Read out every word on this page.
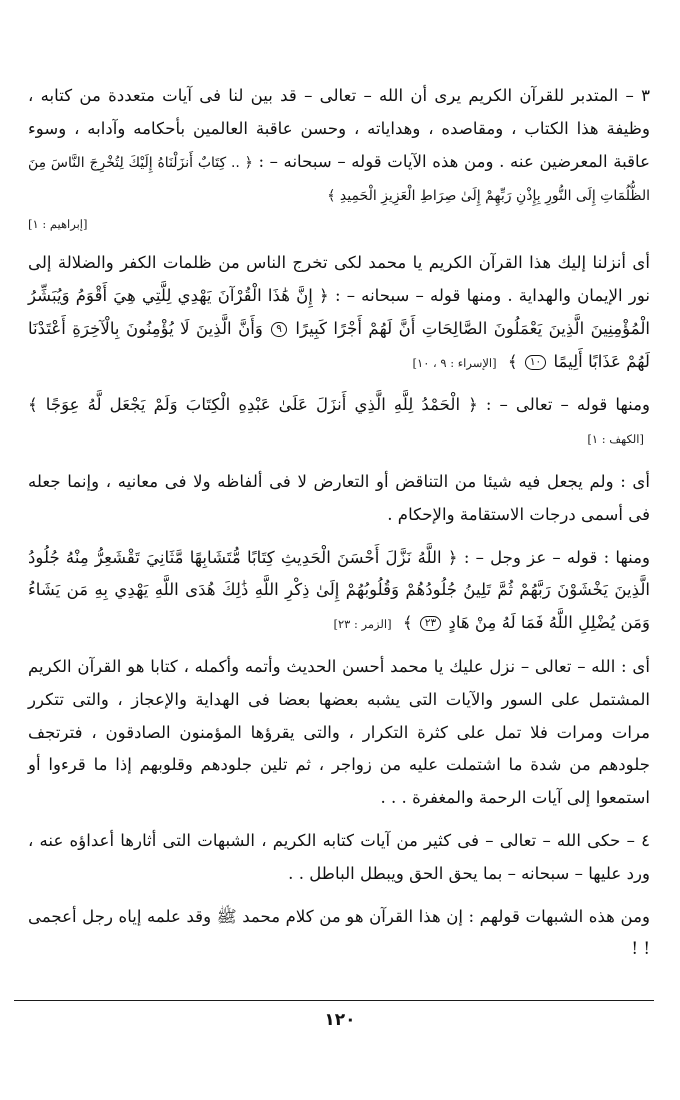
٣ – المتدبر للقرآن الكريم يرى أن الله – تعالى – قد بين لنا فى آيات متعددة من كتابه ، وظيفة هذا الكتاب ، ومقاصده ، وهداياته ، وحسن عاقبة العالمين بأحكامه وآدابه ، وسوء عاقبة المعرضين عنه . ومن هذه الآيات قوله – سبحانه – : ﴿ .. كِتَابٌ أَنزَلْنَاهُ إِلَيْكَ لِتُخْرِجَ النَّاسَ مِنَ الظُّلُمَاتِ إِلَى النُّورِ بِإِذْنِ رَبِّهِمْ إِلَىٰ صِرَاطِ الْعَزِيزِ الْحَمِيدِ ﴾

[إبراهيم : ١]

أى أنزلنا إليك هذا القرآن الكريم يا محمد لكى تخرج الناس من ظلمات الكفر والضلالة إلى نور الإيمان والهداية . ومنها قوله – سبحانه – : ﴿ إِنَّ هَٰذَا الْقُرْآنَ يَهْدِي لِلَّتِي هِيَ أَقْوَمُ وَيُبَشِّرُ الْمُؤْمِنِينَ الَّذِينَ يَعْمَلُونَ الصَّالِحَاتِ أَنَّ لَهُمْ أَجْرًا كَبِيرًا ٩ وَأَنَّ الَّذِينَ لَا يُؤْمِنُونَ بِالْآخِرَةِ أَعْتَدْنَا لَهُمْ عَذَابًا أَلِيمًا ١٠ ﴾ [الإسراء : ٩ ، ١٠]

ومنها قوله – تعالى – : ﴿ الْحَمْدُ لِلَّهِ الَّذِي أَنزَلَ عَلَىٰ عَبْدِهِ الْكِتَابَ وَلَمْ يَجْعَل لَّهُ عِوَجًا ﴾ [الكهف : ١]

أى : ولم يجعل فيه شيئا من التناقض أو التعارض لا فى ألفاظه ولا فى معانيه ، وإنما جعله فى أسمى درجات الاستقامة والإحكام .

ومنها : قوله – عز وجل – : ﴿ اللَّهُ نَزَّلَ أَحْسَنَ الْحَدِيثِ كِتَابًا مُّتَشَابِهًا مَّثَانِيَ تَقْشَعِرُّ مِنْهُ جُلُودُ الَّذِينَ يَخْشَوْنَ رَبَّهُمْ ثُمَّ تَلِينُ جُلُودُهُمْ وَقُلُوبُهُمْ إِلَىٰ ذِكْرِ اللَّهِ ذَٰلِكَ هُدَى اللَّهِ يَهْدِي بِهِ مَن يَشَاءُ وَمَن يُضْلِلِ اللَّهُ فَمَا لَهُ مِنْ هَادٍ ٢٣ ﴾ [الزمر : ٢٣]

أى : الله – تعالى – نزل عليك يا محمد أحسن الحديث وأتمه وأكمله ، كتابا هو القرآن الكريم المشتمل على السور والآيات التى يشبه بعضها بعضا فى الهداية والإعجاز ، والتى تتكرر مرات ومرات فلا تمل على كثرة التكرار ، والتى يقرؤها المؤمنون الصادقون ، فترتجف جلودهم من شدة ما اشتملت عليه من زواجر ، ثم تلين جلودهم وقلوبهم إذا ما قرءوا أو استمعوا إلى آيات الرحمة والمغفرة . . .

٤ – حكى الله – تعالى – فى كثير من آيات كتابه الكريم ، الشبهات التى أثارها أعداؤه عنه ، ورد عليها – سبحانه – بما يحق الحق ويبطل الباطل . .

ومن هذه الشبهات قولهم : إن هذا القرآن هو من كلام محمد ﷺ وقد علمه إياه رجل أعجمى ! !

١٢٠
